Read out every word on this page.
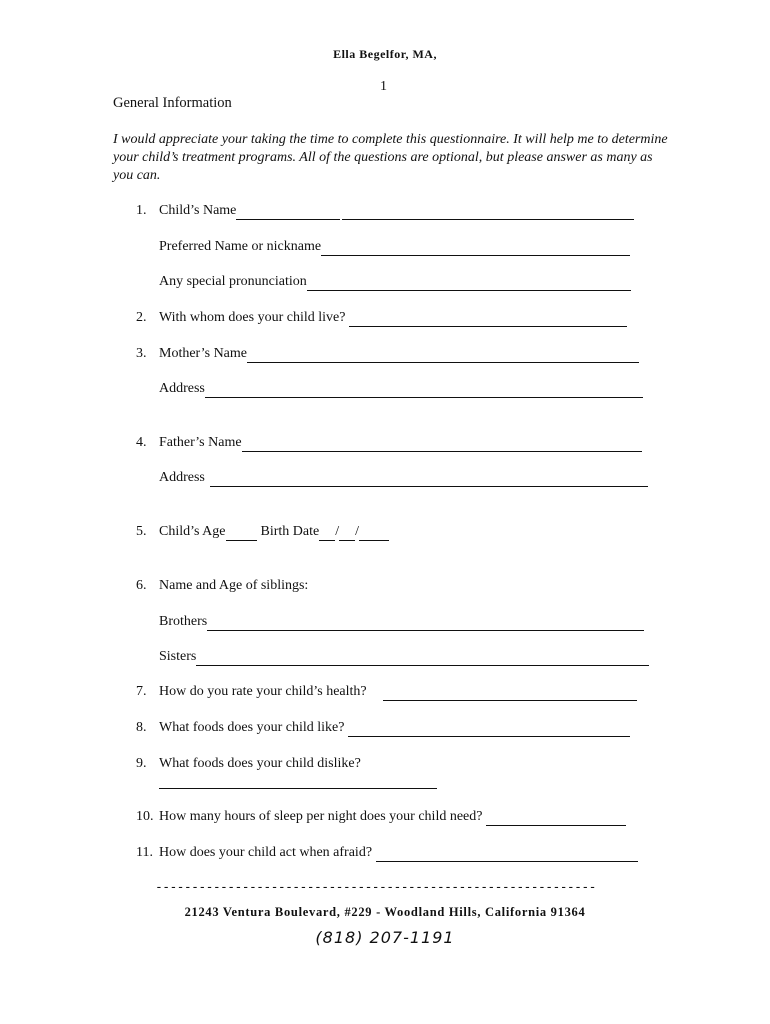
Ella Begelfor, MA,
1
General Information
I would appreciate your taking the time to complete this questionnaire. It will help me to determine your child’s treatment programs. All of the questions are optional, but please answer as many as you can.
1. Child’s Name
Preferred Name or nickname
Any special pronunciation
2. With whom does your child live?
3. Mother’s Name
Address
4. Father’s Name
Address
5. Child’s Age	Birth Date / /
6. Name and Age of siblings:
Brothers
Sisters
7. How do you rate your child’s health?
8. What foods does your child like?
9. What foods does your child dislike?
10. How many hours of sleep per night does your child need?
11. How does your child act when afraid?
-------------------------------------------------------------
21243 Ventura Boulevard, #229 - Woodland Hills, California 91364
(818) 207-1191
